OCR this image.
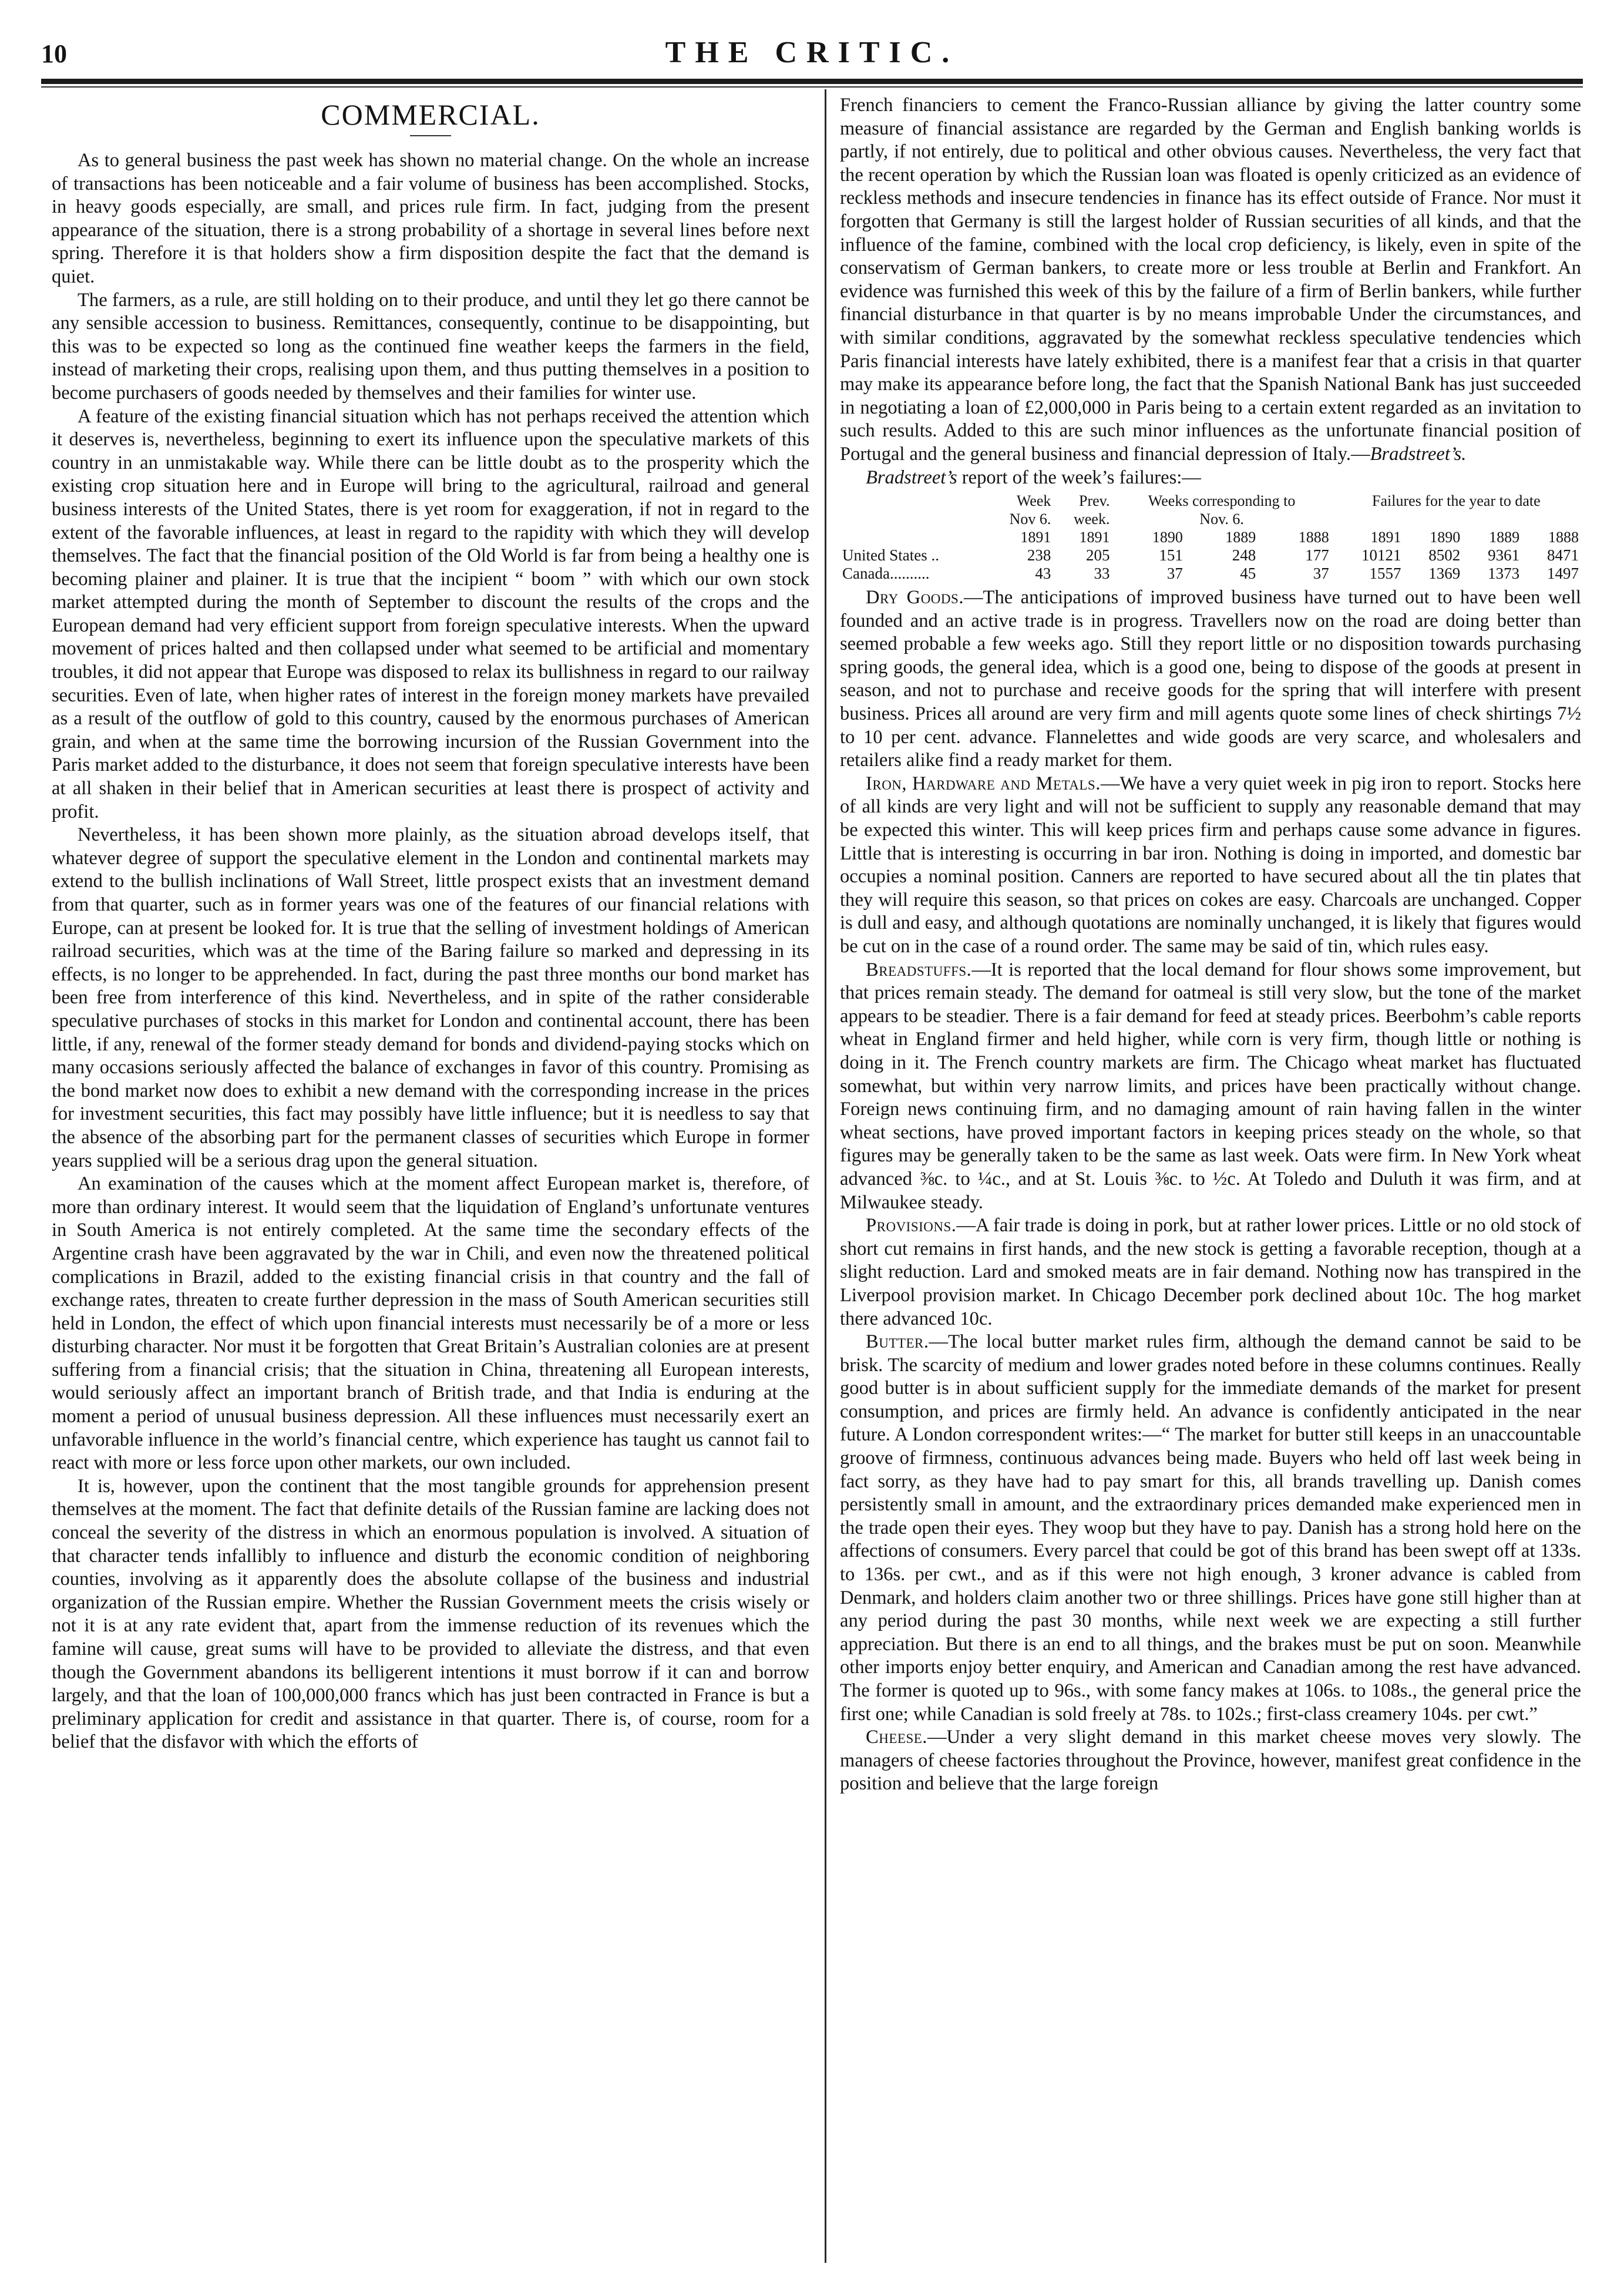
10	THE CRITIC.
COMMERCIAL.

As to general business the past week has shown no material change. On the whole an increase of transactions has been noticeable and a fair volume of business has been accomplished. Stocks, in heavy goods especially, are small, and prices rule firm. In fact, judging from the present appearance of the situation, there is a strong probability of a shortage in several lines before next spring. Therefore it is that holders show a firm disposition despite the fact that the demand is quiet.

The farmers, as a rule, are still holding on to their produce, and until they let go there cannot be any sensible accession to business. Remittances, consequently, continue to be disappointing, but this was to be expected so long as the continued fine weather keeps the farmers in the field, instead of marketing their crops, realising upon them, and thus putting themselves in a position to become purchasers of goods needed by themselves and their families for winter use.

A feature of the existing financial situation which has not perhaps received the attention which it deserves is, nevertheless, beginning to exert its influence upon the speculative markets of this country in an unmistakable way. While there can be little doubt as to the prosperity which the existing crop situation here and in Europe will bring to the agricultural, railroad and general business interests of the United States, there is yet room for exaggeration, if not in regard to the extent of the favorable influences, at least in regard to the rapidity with which they will develop themselves. The fact that the financial position of the Old World is far from being a healthy one is becoming plainer and plainer. It is true that the incipient “ boom ” with which our own stock market attempted during the month of September to discount the results of the crops and the European demand had very efficient support from foreign speculative interests. When the upward movement of prices halted and then collapsed under what seemed to be artificial and momentary troubles, it did not appear that Europe was disposed to relax its bullishness in regard to our railway securities. Even of late, when higher rates of interest in the foreign money markets have prevailed as a result of the outflow of gold to this country, caused by the enormous purchases of American grain, and when at the same time the borrowing incursion of the Russian Government into the Paris market added to the disturbance, it does not seem that foreign speculative interests have been at all shaken in their belief that in American securities at least there is prospect of activity and profit.

Nevertheless, it has been shown more plainly, as the situation abroad develops itself, that whatever degree of support the speculative element in the London and continental markets may extend to the bullish inclinations of Wall Street, little prospect exists that an investment demand from that quarter, such as in former years was one of the features of our financial relations with Europe, can at present be looked for. It is true that the selling of investment holdings of American railroad securities, which was at the time of the Baring failure so marked and depressing in its effects, is no longer to be apprehended. In fact, during the past three months our bond market has been free from interference of this kind. Nevertheless, and in spite of the rather considerable speculative purchases of stocks in this market for London and continental account, there has been little, if any, renewal of the former steady demand for bonds and dividend-paying stocks which on many occasions seriously affected the balance of exchanges in favor of this country. Promising as the bond market now does to exhibit a new demand with the corresponding increase in the prices for investment securities, this fact may possibly have little influence; but it is needless to say that the absence of the absorbing part for the permanent classes of securities which Europe in former years supplied will be a serious drag upon the general situation.

An examination of the causes which at the moment affect European market is, therefore, of more than ordinary interest. It would seem that the liquidation of England’s unfortunate ventures in South America is not entirely completed. At the same time the secondary effects of the Argentine crash have been aggravated by the war in Chili, and even now the threatened political complications in Brazil, added to the existing financial crisis in that country and the fall of exchange rates, threaten to create further depression in the mass of South American securities still held in London, the effect of which upon financial interests must necessarily be of a more or less disturbing character. Nor must it be forgotten that Great Britain’s Australian colonies are at present suffering from a financial crisis; that the situation in China, threatening all European interests, would seriously affect an important branch of British trade, and that India is enduring at the moment a period of unusual business depression. All these influences must necessarily exert an unfavorable influence in the world’s financial centre, which experience has taught us cannot fail to react with more or less force upon other markets, our own included.

It is, however, upon the continent that the most tangible grounds for apprehension present themselves at the moment. The fact that definite details of the Russian famine are lacking does not conceal the severity of the distress in which an enormous population is involved. A situation of that character tends infallibly to influence and disturb the economic condition of neighboring counties, involving as it apparently does the absolute collapse of the business and industrial organization of the Russian empire. Whether the Russian Government meets the crisis wisely or not it is at any rate evident that, apart from the immense reduction of its revenues which the famine will cause, great sums will have to be provided to alleviate the distress, and that even though the Government abandons its belligerent intentions it must borrow if it can and borrow largely, and that the loan of 100,000,000 francs which has just been contracted in France is but a preliminary application for credit and assistance in that quarter. There is, of course, room for a belief that the disfavor with which the efforts of

French financiers to cement the Franco-Russian alliance by giving the latter country some measure of financial assistance are regarded by the German and English banking worlds is partly, if not entirely, due to political and other obvious causes. Nevertheless, the very fact that the recent operation by which the Russian loan was floated is openly criticized as an evidence of reckless methods and insecure tendencies in finance has its effect outside of France. Nor must it forgotten that Germany is still the largest holder of Russian securities of all kinds, and that the influence of the famine, combined with the local crop deficiency, is likely, even in spite of the conservatism of German bankers, to create more or less trouble at Berlin and Frankfort. An evidence was furnished this week of this by the failure of a firm of Berlin bankers, while further financial disturbance in that quarter is by no means improbable Under the circumstances, and with similar conditions, aggravated by the somewhat reckless speculative tendencies which Paris financial interests have lately exhibited, there is a manifest fear that a crisis in that quarter may make its appearance before long, the fact that the Spanish National Bank has just succeeded in negotiating a loan of £2,000,000 in Paris being to a certain extent regarded as an invitation to such results. Added to this are such minor influences as the unfortunate financial position of Portugal and the general business and financial depression of Italy.—Bradstreet’s.

Bradstreet’s report of the week’s failures:—

	Week	Prev.	Weeks corresponding to			Failures for the year to date			
	Nov 6.	week.	Nov. 6.						
	1891	1891	1890	1889	1888	1891	1890	1889	1888
United States ..	238	205	151	248	177	10121	8502	9361	8471
Canada..........	43	33	37	45	37	1557	1369	1373	1497

Dry Goods.—The anticipations of improved business have turned out to have been well founded and an active trade is in progress. Travellers now on the road are doing better than seemed probable a few weeks ago. Still they report little or no disposition towards purchasing spring goods, the general idea, which is a good one, being to dispose of the goods at present in season, and not to purchase and receive goods for the spring that will interfere with present business. Prices all around are very firm and mill agents quote some lines of check shirtings 7½ to 10 per cent. advance. Flannelettes and wide goods are very scarce, and wholesalers and retailers alike find a ready market for them.

Iron, Hardware and Metals.—We have a very quiet week in pig iron to report. Stocks here of all kinds are very light and will not be sufficient to supply any reasonable demand that may be expected this winter. This will keep prices firm and perhaps cause some advance in figures. Little that is interesting is occurring in bar iron. Nothing is doing in imported, and domestic bar occupies a nominal position. Canners are reported to have secured about all the tin plates that they will require this season, so that prices on cokes are easy. Charcoals are unchanged. Copper is dull and easy, and although quotations are nominally unchanged, it is likely that figures would be cut on in the case of a round order. The same may be said of tin, which rules easy.

Breadstuffs.—It is reported that the local demand for flour shows some improvement, but that prices remain steady. The demand for oatmeal is still very slow, but the tone of the market appears to be steadier. There is a fair demand for feed at steady prices. Beerbohm’s cable reports wheat in England firmer and held higher, while corn is very firm, though little or nothing is doing in it. The French country markets are firm. The Chicago wheat market has fluctuated somewhat, but within very narrow limits, and prices have been practically without change. Foreign news continuing firm, and no damaging amount of rain having fallen in the winter wheat sections, have proved important factors in keeping prices steady on the whole, so that figures may be generally taken to be the same as last week. Oats were firm. In New York wheat advanced ⅜c. to ¼c., and at St. Louis ⅜c. to ½c. At Toledo and Duluth it was firm, and at Milwaukee steady.

Provisions.—A fair trade is doing in pork, but at rather lower prices. Little or no old stock of short cut remains in first hands, and the new stock is getting a favorable reception, though at a slight reduction. Lard and smoked meats are in fair demand. Nothing now has transpired in the Liverpool provision market. In Chicago December pork declined about 10c. The hog market there advanced 10c.

Butter.—The local butter market rules firm, although the demand cannot be said to be brisk. The scarcity of medium and lower grades noted before in these columns continues. Really good butter is in about sufficient supply for the immediate demands of the market for present consumption, and prices are firmly held. An advance is confidently anticipated in the near future. A London correspondent writes:—“ The market for butter still keeps in an unaccountable groove of firmness, continuous advances being made. Buyers who held off last week being in fact sorry, as they have had to pay smart for this, all brands travelling up. Danish comes persistently small in amount, and the extraordinary prices demanded make experienced men in the trade open their eyes. They woop but they have to pay. Danish has a strong hold here on the affections of consumers. Every parcel that could be got of this brand has been swept off at 133s. to 136s. per cwt., and as if this were not high enough, 3 kroner advance is cabled from Denmark, and holders claim another two or three shillings. Prices have gone still higher than at any period during the past 30 months, while next week we are expecting a still further appreciation. But there is an end to all things, and the brakes must be put on soon. Meanwhile other imports enjoy better enquiry, and American and Canadian among the rest have advanced. The former is quoted up to 96s., with some fancy makes at 106s. to 108s., the general price the first one; while Canadian is sold freely at 78s. to 102s.; first-class creamery 104s. per cwt.”

Cheese.—Under a very slight demand in this market cheese moves very slowly. The managers of cheese factories throughout the Province, however, manifest great confidence in the position and believe that the large foreign
